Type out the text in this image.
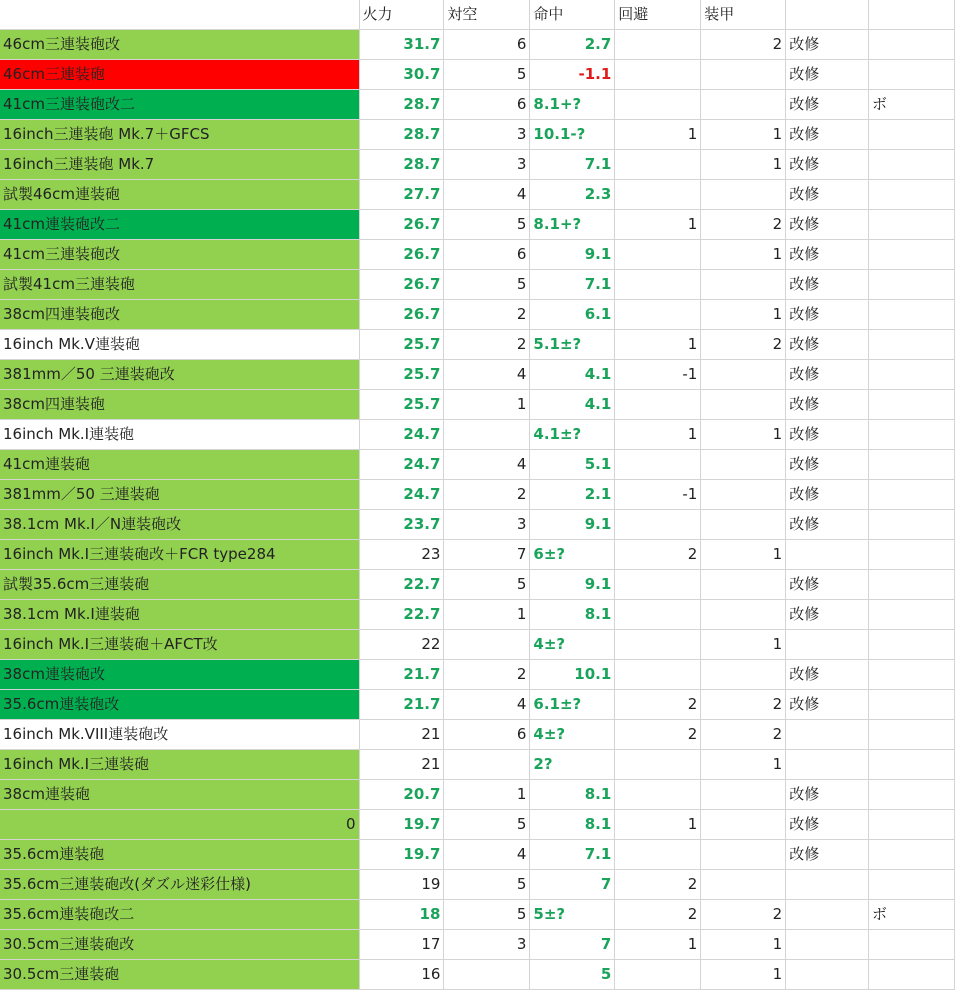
	火力	対空	命中	回避	装甲		
46cm三連装砲改	31.7	6	2.7		2	改修	
46cm三連装砲	30.7	5	-1.1			改修	
41cm三連装砲改二	28.7	6	8.1+?			改修	ボ
16inch三連装砲 Mk.7＋GFCS	28.7	3	10.1-?	1	1	改修	
16inch三連装砲 Mk.7	28.7	3	7.1		1	改修	
試製46cm連装砲	27.7	4	2.3			改修	
41cm連装砲改二	26.7	5	8.1+?	1	2	改修	
41cm三連装砲改	26.7	6	9.1		1	改修	
試製41cm三連装砲	26.7	5	7.1			改修	
38cm四連装砲改	26.7	2	6.1		1	改修	
16inch Mk.V連装砲	25.7	2	5.1±?	1	2	改修	
381mm／50 三連装砲改	25.7	4	4.1	-1		改修	
38cm四連装砲	25.7	1	4.1			改修	
16inch Mk.I連装砲	24.7		4.1±?	1	1	改修	
41cm連装砲	24.7	4	5.1			改修	
381mm／50 三連装砲	24.7	2	2.1	-1		改修	
38.1cm Mk.I／N連装砲改	23.7	3	9.1			改修	
16inch Mk.I三連装砲改＋FCR type284	23	7	6±?	2	1		
試製35.6cm三連装砲	22.7	5	9.1			改修	
38.1cm Mk.I連装砲	22.7	1	8.1			改修	
16inch Mk.I三連装砲＋AFCT改	22		4±?		1		
38cm連装砲改	21.7	2	10.1			改修	
35.6cm連装砲改	21.7	4	6.1±?	2	2	改修	
16inch Mk.VIII連装砲改	21	6	4±?	2	2		
16inch Mk.I三連装砲	21		2?		1		
38cm連装砲	20.7	1	8.1			改修	
0	19.7	5	8.1	1		改修	
35.6cm連装砲	19.7	4	7.1			改修	
35.6cm三連装砲改(ダズル迷彩仕様)	19	5	7	2			
35.6cm連装砲改二	18	5	5±?	2	2		ボ
30.5cm三連装砲改	17	3	7	1	1		
30.5cm三連装砲	16		5		1		
